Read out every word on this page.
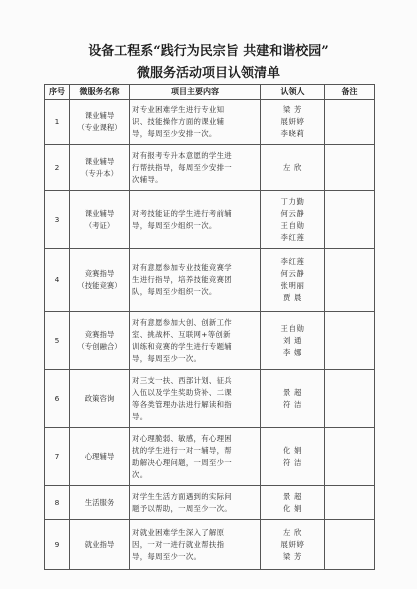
设备工程系“践行为民宗旨 共建和谐校园”
微服务活动项目认领清单
序号	微服务名称	项目主要内容	认领人	备注
1	课业辅导
（专业课程）	对专业困难学生进行专业知
识、技能操作方面的课业辅
导，每周至少安排一次。	梁 芳
展妍婷
李晓莉	

2	课业辅导
（专升本）	对有报考专升本意愿的学生进
行帮扶指导，每周至少安排一
次辅导。	左 欣	

3	课业辅导
（考证）	对考技能证的学生进行考前辅
导，每周至少组织一次。	丁力勤
何云静
王自勋
李红莲	

4	竞赛指导
（技能竞赛）	对有意愿参加专业技能竞赛学
生进行指导，培养技能竞赛团
队，每周至少组织一次。	李红莲
何云静
张明丽
贾 晨	

5	竞赛指导
（专创融合）	对有意愿参加大创、创新工作
室、挑战杯、互联网+等创新
训练和竞赛的学生进行专题辅
导，每周至少一次。	王自勋
刘 通
李 娜	

6	政策咨询	对三支一扶、西部计划、征兵
入伍以及学生奖助贷补、二课
等各类管理办法进行解读和指
导。	景 超
符 洁	

7	心理辅导	对心理脆弱、敏感，有心理困
扰的学生进行一对一辅导，帮
助解决心理问题，一周至少一
次。	化 娟
符 洁	

8	生活服务	对学生生活方面遇到的实际问
题予以帮助，一周至少一次。	景 超
化 娟	

9	就业指导	对就业困难学生深入了解原
因，一对一进行就业帮扶指
导，每周至少一次。	左 欣
展妍婷
梁 芳	
